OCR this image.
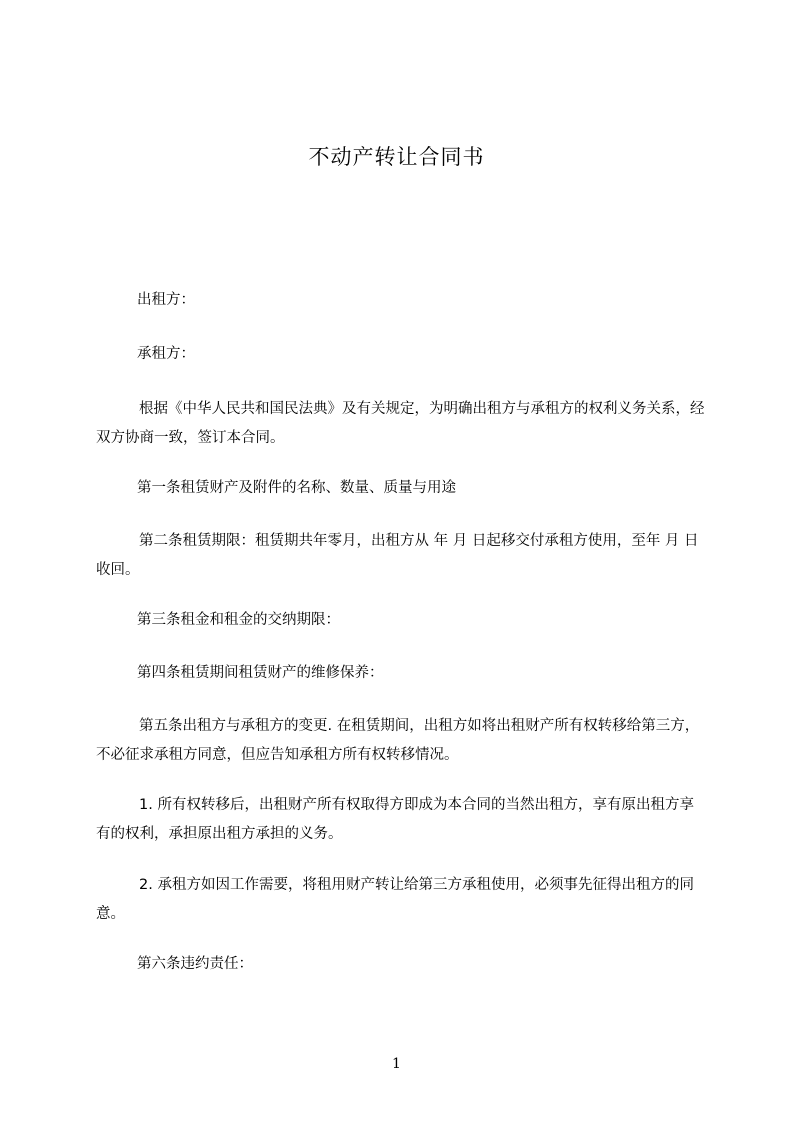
不动产转让合同书

出租方：

承租方：

根据《中华人民共和国民法典》及有关规定，为明确出租方与承租方的权利义务关系，经双方协商一致，签订本合同。

第一条租赁财产及附件的名称、数量、质量与用途

第二条租赁期限：租赁期共年零月，出租方从 年 月 日起移交付承租方使用，至年 月 日收回。

第三条租金和租金的交纳期限：

第四条租赁期间租赁财产的维修保养：

第五条出租方与承租方的变更. 在租赁期间，出租方如将出租财产所有权转移给第三方，不必征求承租方同意，但应告知承租方所有权转移情况。

1. 所有权转移后，出租财产所有权取得方即成为本合同的当然出租方，享有原出租方享有的权利，承担原出租方承担的义务。

2. 承租方如因工作需要，将租用财产转让给第三方承租使用，必须事先征得出租方的同意。

第六条违约责任：

1
